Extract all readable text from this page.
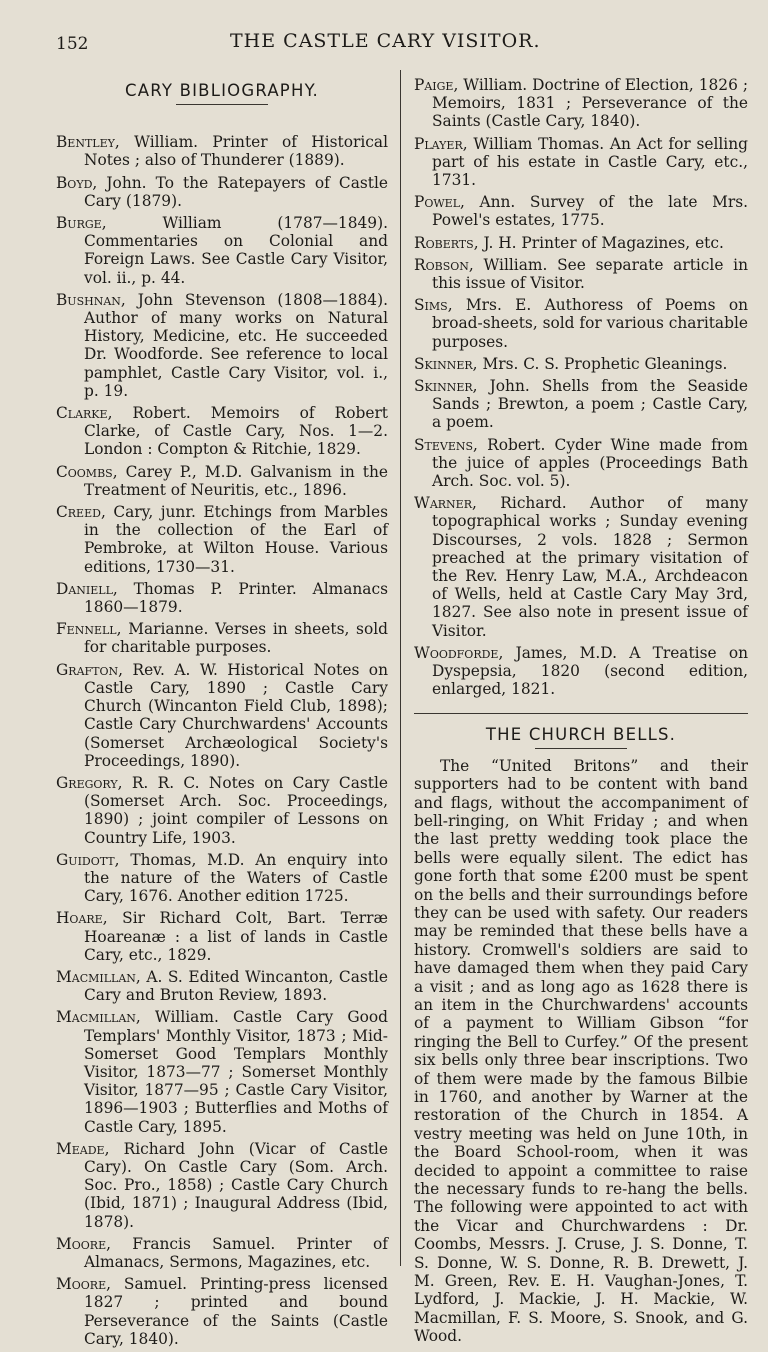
152	THE CASTLE CARY VISITOR.
CARY BIBLIOGRAPHY.

Bentley, William. Printer of Historical Notes ; also of Thunderer (1889).

Boyd, John. To the Ratepayers of Castle Cary (1879).

Burge, William (1787—1849). Commentaries on Colonial and Foreign Laws. See Castle Cary Visitor, vol. ii., p. 44.

Bushnan, John Stevenson (1808—1884). Author of many works on Natural History, Medicine, etc. He succeeded Dr. Woodforde. See reference to local pamphlet, Castle Cary Visitor, vol. i., p. 19.

Clarke, Robert. Memoirs of Robert Clarke, of Castle Cary, Nos. 1—2. London : Compton & Ritchie, 1829.

Coombs, Carey P., M.D. Galvanism in the Treatment of Neuritis, etc., 1896.

Creed, Cary, junr. Etchings from Marbles in the collection of the Earl of Pembroke, at Wilton House. Various editions, 1730—31.

Daniell, Thomas P. Printer. Almanacs 1860—1879.

Fennell, Marianne. Verses in sheets, sold for charitable purposes.

Grafton, Rev. A. W. Historical Notes on Castle Cary, 1890 ; Castle Cary Church (Wincanton Field Club, 1898); Castle Cary Churchwardens' Accounts (Somerset Archæological Society's Proceedings, 1890).

Gregory, R. R. C. Notes on Cary Castle (Somerset Arch. Soc. Proceedings, 1890) ; joint compiler of Lessons on Country Life, 1903.

Guidott, Thomas, M.D. An enquiry into the nature of the Waters of Castle Cary, 1676. Another edition 1725.

Hoare, Sir Richard Colt, Bart. Terræ Hoareanæ : a list of lands in Castle Cary, etc., 1829.

Macmillan, A. S. Edited Wincanton, Castle Cary and Bruton Review, 1893.

Macmillan, William. Castle Cary Good Templars' Monthly Visitor, 1873 ; Mid-Somerset Good Templars Monthly Visitor, 1873—77 ; Somerset Monthly Visitor, 1877—95 ; Castle Cary Visitor, 1896—1903 ; Butterflies and Moths of Castle Cary, 1895.

Meade, Richard John (Vicar of Castle Cary). On Castle Cary (Som. Arch. Soc. Pro., 1858) ; Castle Cary Church (Ibid, 1871) ; Inaugural Address (Ibid, 1878).

Moore, Francis Samuel. Printer of Almanacs, Sermons, Magazines, etc.

Moore, Samuel. Printing-press licensed 1827 ; printed and bound Perseverance of the Saints (Castle Cary, 1840).

Paige, William. Doctrine of Election, 1826 ; Memoirs, 1831 ; Perseverance of the Saints (Castle Cary, 1840).

Player, William Thomas. An Act for selling part of his estate in Castle Cary, etc., 1731.

Powel, Ann. Survey of the late Mrs. Powel's estates, 1775.

Roberts, J. H. Printer of Magazines, etc.

Robson, William. See separate article in this issue of Visitor.

Sims, Mrs. E. Authoress of Poems on broad-sheets, sold for various charitable purposes.

Skinner, Mrs. C. S. Prophetic Gleanings.

Skinner, John. Shells from the Seaside Sands ; Brewton, a poem ; Castle Cary, a poem.

Stevens, Robert. Cyder Wine made from the juice of apples (Proceedings Bath Arch. Soc. vol. 5).

Warner, Richard. Author of many topographical works ; Sunday evening Discourses, 2 vols. 1828 ; Sermon preached at the primary visitation of the Rev. Henry Law, M.A., Archdeacon of Wells, held at Castle Cary May 3rd, 1827. See also note in present issue of Visitor.

Woodforde, James, M.D. A Treatise on Dyspepsia, 1820 (second edition, enlarged, 1821.

THE CHURCH BELLS.

The “United Britons” and their supporters had to be content with band and flags, without the accompaniment of bell-ringing, on Whit Friday ; and when the last pretty wedding took place the bells were equally silent. The edict has gone forth that some £200 must be spent on the bells and their surroundings before they can be used with safety. Our readers may be reminded that these bells have a history. Cromwell's soldiers are said to have damaged them when they paid Cary a visit ; and as long ago as 1628 there is an item in the Churchwardens' accounts of a payment to William Gibson “for ringing the Bell to Curfey.” Of the present six bells only three bear inscriptions. Two of them were made by the famous Bilbie in 1760, and another by Warner at the restoration of the Church in 1854. A vestry meeting was held on June 10th, in the Board School-room, when it was decided to appoint a committee to raise the necessary funds to re-hang the bells. The following were appointed to act with the Vicar and Churchwardens : Dr. Coombs, Messrs. J. Cruse, J. S. Donne, T. S. Donne, W. S. Donne, R. B. Drewett, J. M. Green, Rev. E. H. Vaughan-Jones, T. Lydford, J. Mackie, J. H. Mackie, W. Macmillan, F. S. Moore, S. Snook, and G. Wood.
